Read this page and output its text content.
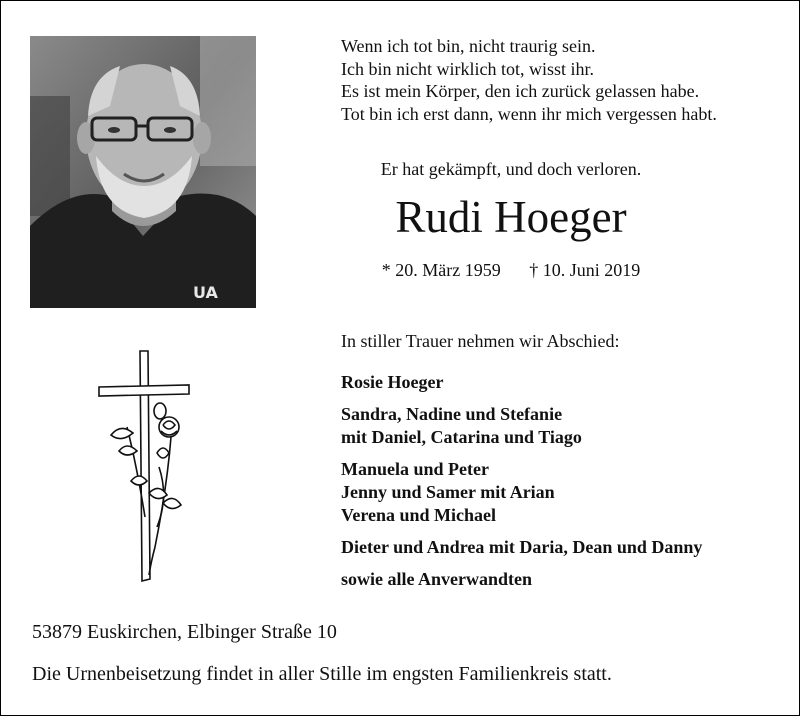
UA
Wenn ich tot bin, nicht traurig sein.
Ich bin nicht wirklich tot, wisst ihr.
Es ist mein Körper, den ich zurück gelassen habe.
Tot bin ich erst dann, wenn ihr mich vergessen habt.
Er hat gekämpft, und doch verloren.
Rudi Hoeger
* 20. März 1959 † 10. Juni 2019
In stiller Trauer nehmen wir Abschied:
Rosie Hoeger
Sandra, Nadine und Stefanie
mit Daniel, Catarina und Tiago
Manuela und Peter
Jenny und Samer mit Arian
Verena und Michael
Dieter und Andrea mit Daria, Dean und Danny
sowie alle Anverwandten
53879 Euskirchen, Elbinger Straße 10
Die Urnenbeisetzung findet in aller Stille im engsten Familienkreis statt.
